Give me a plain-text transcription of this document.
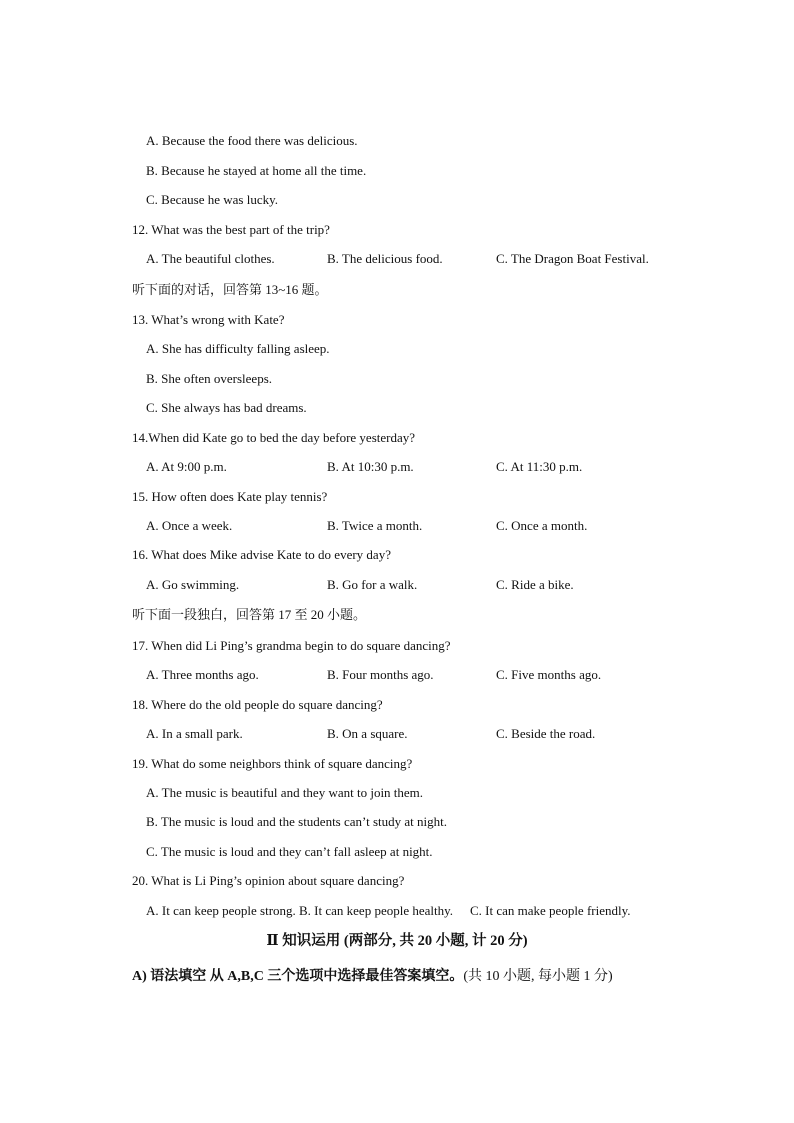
A. Because the food there was delicious.
B. Because he stayed at home all the time.
C. Because he was lucky.
12. What was the best part of the trip?
A. The beautiful clothes.	B. The delicious food.	C. The Dragon Boat Festival.
听下面的对话，回答第 13~16 题。
13. What’s wrong with Kate?
A. She has difficulty falling asleep.
B. She often oversleeps.
C. She always has bad dreams.
14.When did Kate go to bed the day before yesterday?
A. At 9:00 p.m.	B. At 10:30 p.m.	C. At 11:30 p.m.
15. How often does Kate play tennis?
A. Once a week.	B. Twice a month.	C. Once a month.
16. What does Mike advise Kate to do every day?
A. Go swimming.	B. Go for a walk.	C. Ride a bike.
听下面一段独白，回答第 17 至 20 小题。
17. When did Li Ping’s grandma begin to do square dancing?
A. Three months ago.	B. Four months ago.	C. Five months ago.
18. Where do the old people do square dancing?
A. In a small park.	B. On a square.	C. Beside the road.
19. What do some neighbors think of square dancing?
A. The music is beautiful and they want to join them.
B. The music is loud and the students can’t study at night.
C. The music is loud and they can’t fall asleep at night.
20. What is Li Ping’s opinion about square dancing?
A. It can keep people strong. B. It can keep people healthy. C. It can make people friendly.
Ⅱ 知识运用 (两部分, 共 20 小题, 计 20 分)
A) 语法填空 从 A,B,C 三个选项中选择最佳答案填空。(共 10 小题, 每小题 1 分)
